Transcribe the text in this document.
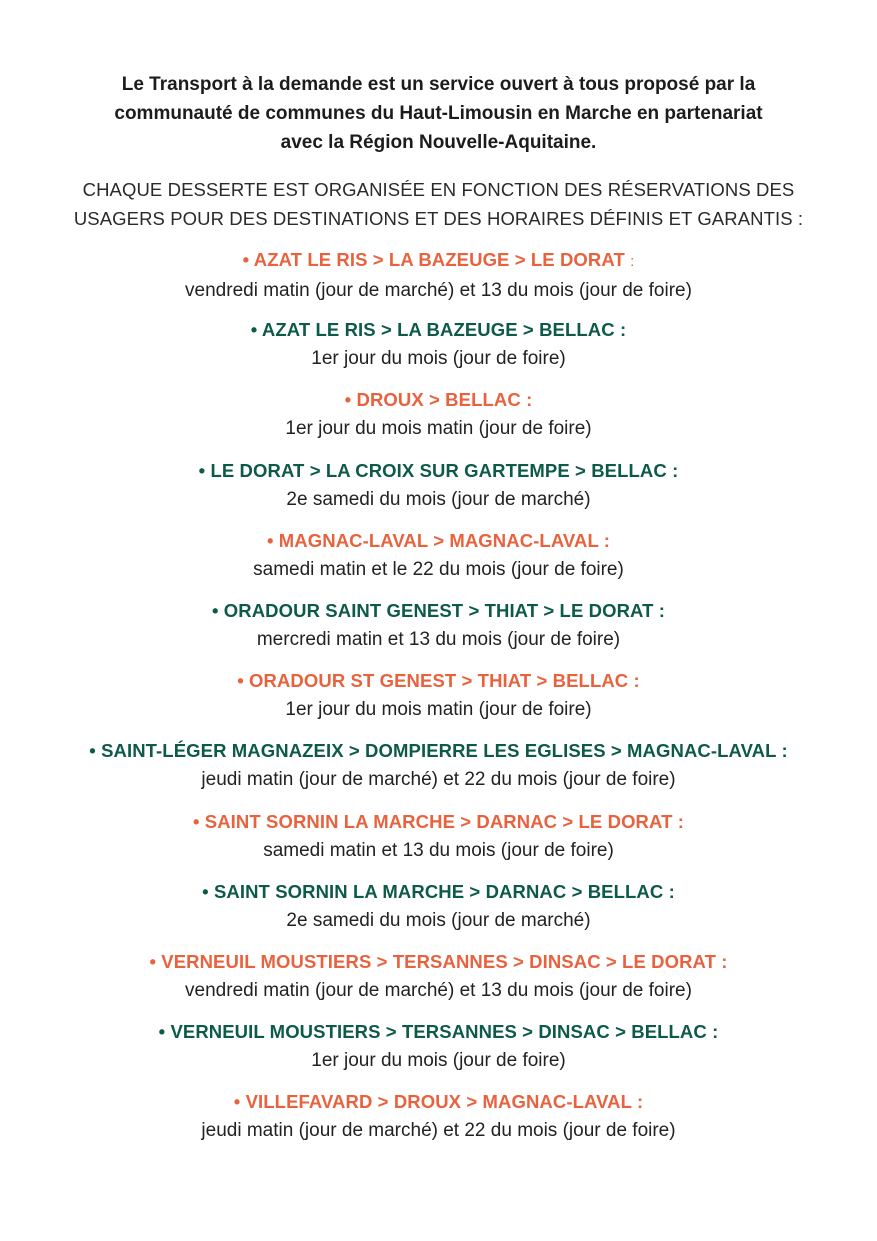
Le Transport à la demande est un service ouvert à tous proposé par la
communauté de communes du Haut-Limousin en Marche en partenariat
avec la Région Nouvelle-Aquitaine.
CHAQUE DESSERTE EST ORGANISÉE EN FONCTION DES RÉSERVATIONS DES
USAGERS POUR DES DESTINATIONS ET DES HORAIRES DÉFINIS ET GARANTIS :
• AZAT LE RIS > LA BAZEUGE > LE DORAT :
vendredi matin (jour de marché) et 13 du mois (jour de foire)
• AZAT LE RIS > LA BAZEUGE > BELLAC :
1er jour du mois (jour de foire)
• DROUX > BELLAC :
1er jour du mois matin (jour de foire)
• LE DORAT > LA CROIX SUR GARTEMPE > BELLAC :
2e samedi du mois (jour de marché)
• MAGNAC-LAVAL > MAGNAC-LAVAL :
samedi matin et le 22 du mois (jour de foire)
• ORADOUR SAINT GENEST > THIAT > LE DORAT :
mercredi matin et 13 du mois (jour de foire)
• ORADOUR ST GENEST > THIAT > BELLAC :
1er jour du mois matin (jour de foire)
• SAINT-LÉGER MAGNAZEIX > DOMPIERRE LES EGLISES > MAGNAC-LAVAL :
jeudi matin (jour de marché) et 22 du mois (jour de foire)
• SAINT SORNIN LA MARCHE > DARNAC > LE DORAT :
samedi matin et 13 du mois (jour de foire)
• SAINT SORNIN LA MARCHE > DARNAC > BELLAC :
2e samedi du mois (jour de marché)
• VERNEUIL MOUSTIERS > TERSANNES > DINSAC > LE DORAT :
vendredi matin (jour de marché) et 13 du mois (jour de foire)
• VERNEUIL MOUSTIERS > TERSANNES > DINSAC > BELLAC :
1er jour du mois (jour de foire)
• VILLEFAVARD > DROUX > MAGNAC-LAVAL :
jeudi matin (jour de marché) et 22 du mois (jour de foire)
